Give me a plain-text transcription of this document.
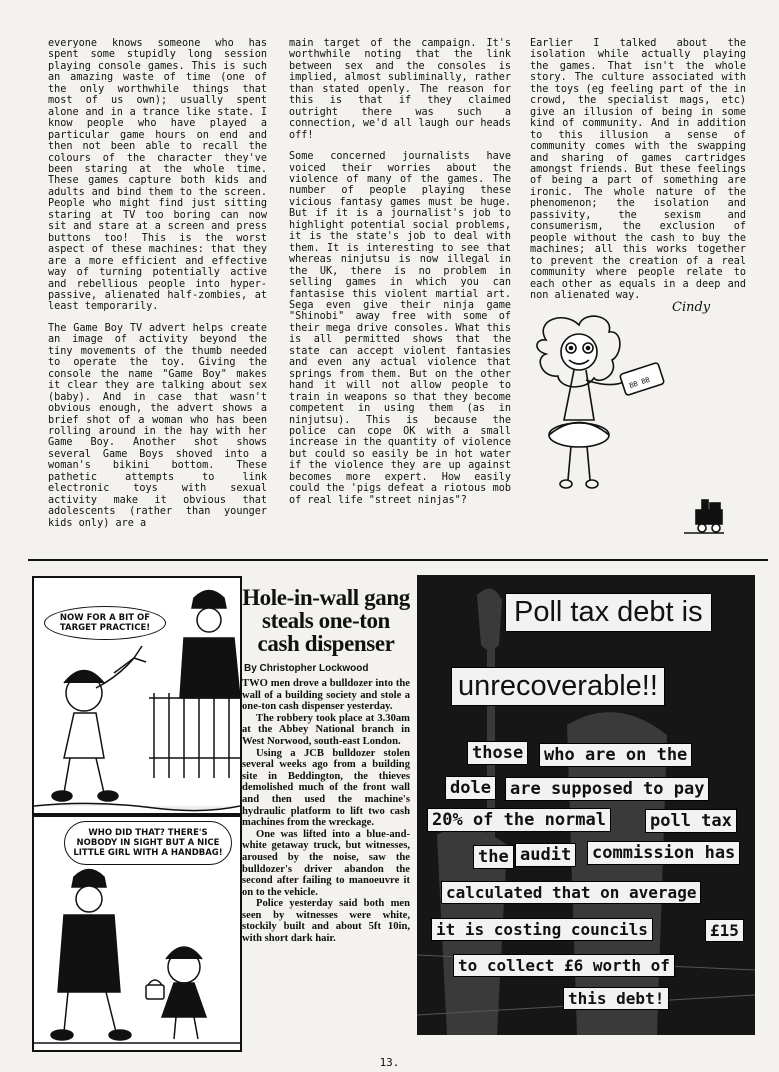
everyone knows someone who has spent some stupidly long session playing console games. This is such an amazing waste of time (one of the only worthwhile things that most of us own); usually spent alone and in a trance like state. I know people who have played a particular game hours on end and then not been able to recall the colours of the character they've been staring at the whole time. These games capture both kids and adults and bind them to the screen. People who might find just sitting staring at TV too boring can now sit and stare at a screen and press buttons too! This is the worst aspect of these machines: that they are a more efficient and effective way of turning potentially active and rebellious people into hyper-passive, alienated half-zombies, at least temporarily.

The Game Boy TV advert helps create an image of activity beyond the tiny movements of the thumb needed to operate the toy. Giving the console the name "Game Boy" makes it clear they are talking about sex (baby). And in case that wasn't obvious enough, the advert shows a brief shot of a woman who has been rolling around in the hay with her Game Boy. Another shot shows several Game Boys shoved into a woman's bikini bottom. These pathetic attempts to link electronic toys with sexual activity make it obvious that adolescents (rather than younger kids only) are a

main target of the campaign. It's worthwhile noting that the link between sex and the consoles is implied, almost subliminally, rather than stated openly. The reason for this is that if they claimed outright there was such a connection, we'd all laugh our heads off!

Some concerned journalists have voiced their worries about the violence of many of the games. The number of people playing these vicious fantasy games must be huge. But if it is a journalist's job to highlight potential social problems, it is the state's job to deal with them. It is interesting to see that whereas ninjutsu is now illegal in the UK, there is no problem in selling games in which you can fantasise this violent martial art. Sega even give their ninja game "Shinobi" away free with some of their mega drive consoles. What this is all permitted shows that the state can accept violent fantasies and even any actual violence that springs from them. But on the other hand it will not allow people to train in weapons so that they become competent in using them (as in ninjutsu). This is because the police can cope OK with a small increase in the quantity of violence but could so easily be in hot water if the violence they are up against becomes more expert. How easily could the 'pigs defeat a riotous mob of real life "street ninjas"?

Earlier I talked about the isolation while actually playing the games. That isn't the whole story. The culture associated with the toys (eg feeling part of the in crowd, the specialist mags, etc) give an illusion of being in some kind of community. And in addition to this illusion a sense of community comes with the swapping and sharing of games cartridges amongst friends. But these feelings of being a part of something are ironic. The whole nature of the phenomenon; the isolation and passivity, the sexism and consumerism, the exclusion of people without the cash to buy the machines; all this works together to prevent the creation of a real community where people relate to each other as equals in a deep and non alienated way.

Cindy
BB BB
NOW FOR A BIT OF TARGET PRACTICE!
WHO DID THAT? THERE'S NOBODY IN SIGHT BUT A NICE LITTLE GIRL WITH A HANDBAG!
Hole-in-wall gang steals one-ton cash dispenser
By Christopher Lockwood

TWO men drove a bulldozer into the wall of a building society and stole a one-ton cash dispenser yesterday.

The robbery took place at 3.30am at the Abbey National branch in West Norwood, south-east London.

Using a JCB bulldozer stolen several weeks ago from a building site in Beddington, the thieves demolished much of the front wall and then used the machine's hydraulic platform to lift two cash machines from the wreckage.

One was lifted into a blue-and-white getaway truck, but witnesses, aroused by the noise, saw the bulldozer's driver abandon the second after failing to manoeuvre it on to the vehicle.

Police yesterday said both men seen by witnesses were white, stockily built and about 5ft 10in, with short dark hair.

Poll tax debt is
unrecoverable!!
those who are on the
dole are supposed to pay
20% of the normal	poll tax
the audit commission has
calculated that on average
it is costing councils	£15
to collect £6 worth of
this debt!
13.
